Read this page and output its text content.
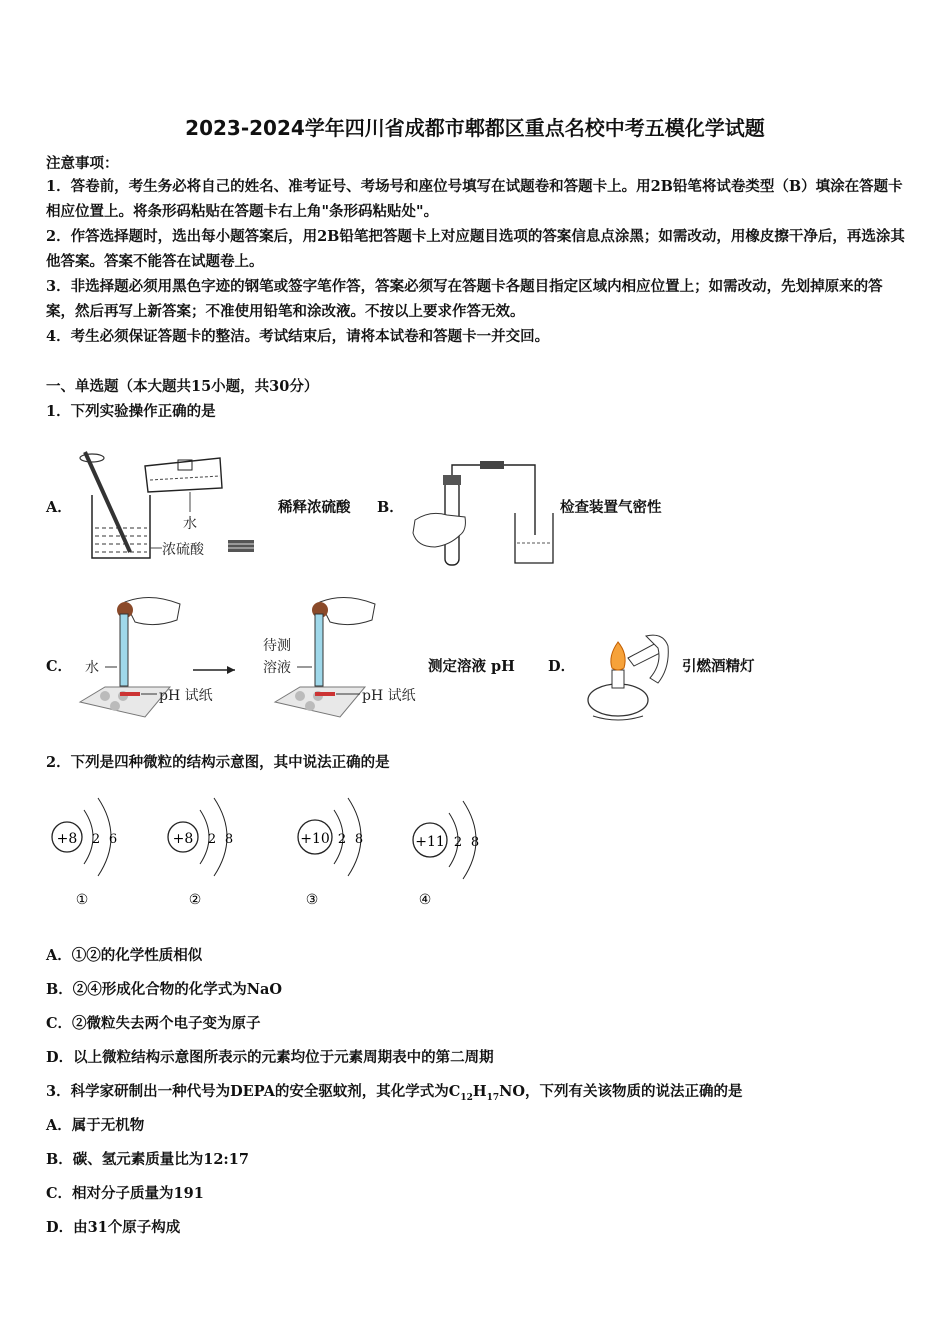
2023-2024学年四川省成都市郫都区重点名校中考五模化学试题
注意事项：
1．答卷前，考生务必将自己的姓名、准考证号、考场号和座位号填写在试题卷和答题卡上。用2B铅笔将试卷类型（B）填涂在答题卡相应位置上。将条形码粘贴在答题卡右上角"条形码粘贴处"。
2．作答选择题时，选出每小题答案后，用2B铅笔把答题卡上对应题目选项的答案信息点涂黑；如需改动，用橡皮擦干净后，再选涂其他答案。答案不能答在试题卷上。
3．非选择题必须用黑色字迹的钢笔或签字笔作答，答案必须写在答题卡各题目指定区域内相应位置上；如需改动，先划掉原来的答案，然后再写上新答案；不准使用铅笔和涂改液。不按以上要求作答无效。
4．考生必须保证答题卡的整洁。考试结束后，请将本试卷和答题卡一并交回。
一、单选题（本大题共15小题，共30分）
1．下列实验操作正确的是
A．
水
浓硫酸
稀释浓硫酸 B．	检查装置气密性
C． 水
pH 试纸
待测
溶液
pH 试纸
测定溶液 pH D．	引燃酒精灯
2．下列是四种微粒的结构示意图，其中说法正确的是
+8 2 6
①
+8 2 8
②
+10 2 8
③
+11 2 8
④
A．①②的化学性质相似
B．②④形成化合物的化学式为NaO
C．②微粒失去两个电子变为原子
D．以上微粒结构示意图所表示的元素均位于元素周期表中的第二周期
3．科学家研制出一种代号为DEPA的安全驱蚊剂，其化学式为$C_{12}H_{17}NO$，下列有关该物质的说法正确的是
A．属于无机物
B．碳、氢元素质量比为12:17
C．相对分子质量为191
D．由31个原子构成
